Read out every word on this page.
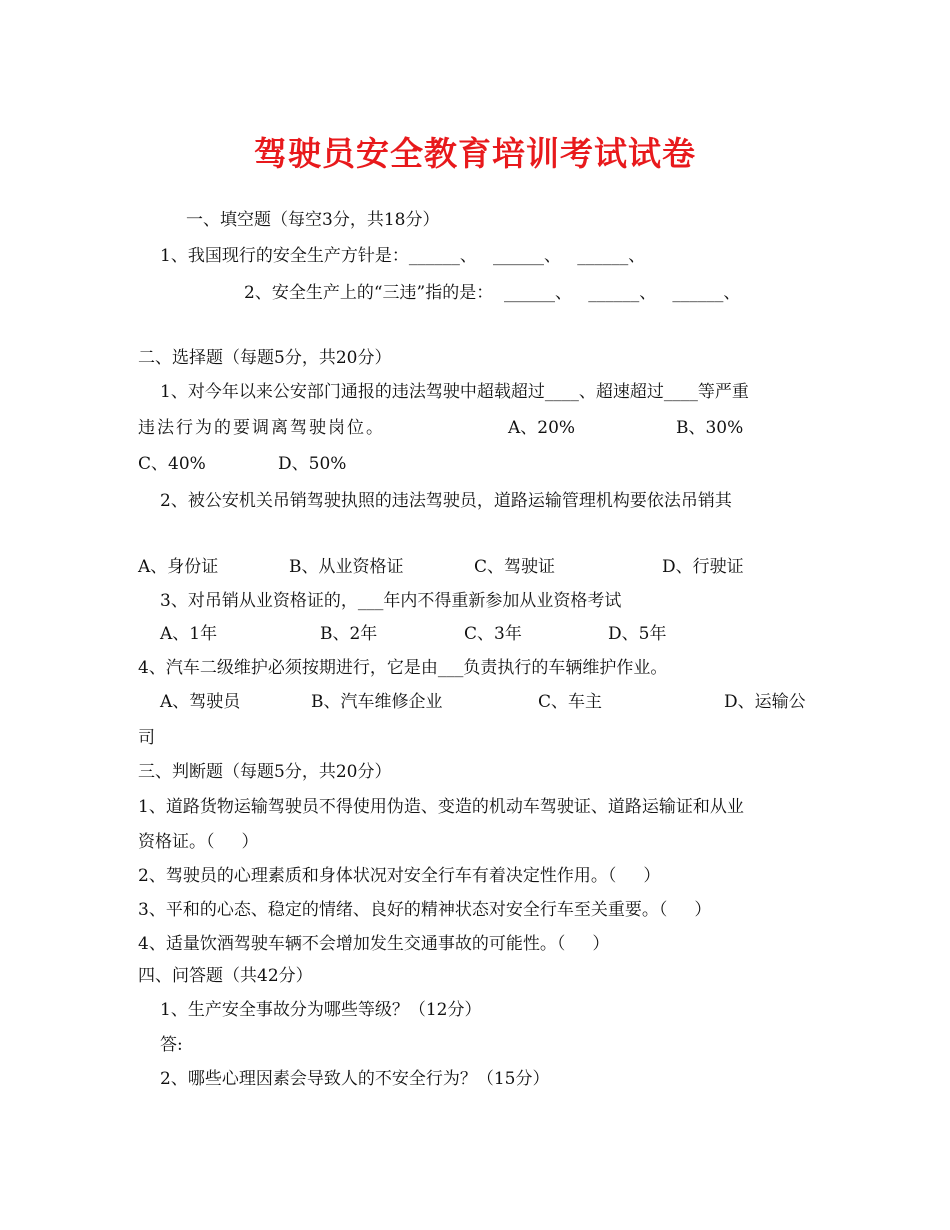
驾驶员安全教育培训考试试卷
一、填空题（每空3分，共18分）
1、我国现行的安全生产方针是：______、   ______、   ______、
2、安全生产上的“三违”指的是：  ______、   ______、   ______、
二、选择题（每题5分，共20分）
1、对今年以来公安部门通报的违法驾驶中超载超过____、超速超过____等严重
违法行为的要调离驾驶岗位。	A、20%	B、30%
C、40%	D、50%
2、被公安机关吊销驾驶执照的违法驾驶员，道路运输管理机构要依法吊销其
A、身份证	B、从业资格证	C、驾驶证	D、行驶证
3、对吊销从业资格证的，___年内不得重新参加从业资格考试
A、1年	B、2年	C、3年	D、5年
4、汽车二级维护必须按期进行，它是由___负责执行的车辆维护作业。
A、驾驶员	B、汽车维修企业	C、车主	D、运输公
司
三、判断题（每题5分，共20分）
1、道路货物运输驾驶员不得使用伪造、变造的机动车驾驶证、道路运输证和从业
资格证。（     ）
2、驾驶员的心理素质和身体状况对安全行车有着决定性作用。（     ）
3、平和的心态、稳定的情绪、良好的精神状态对安全行车至关重要。（     ）
4、适量饮酒驾驶车辆不会增加发生交通事故的可能性。（     ）
四、问答题（共42分）
1、生产安全事故分为哪些等级？（12分）
答:
2、哪些心理因素会导致人的不安全行为？（15分）
